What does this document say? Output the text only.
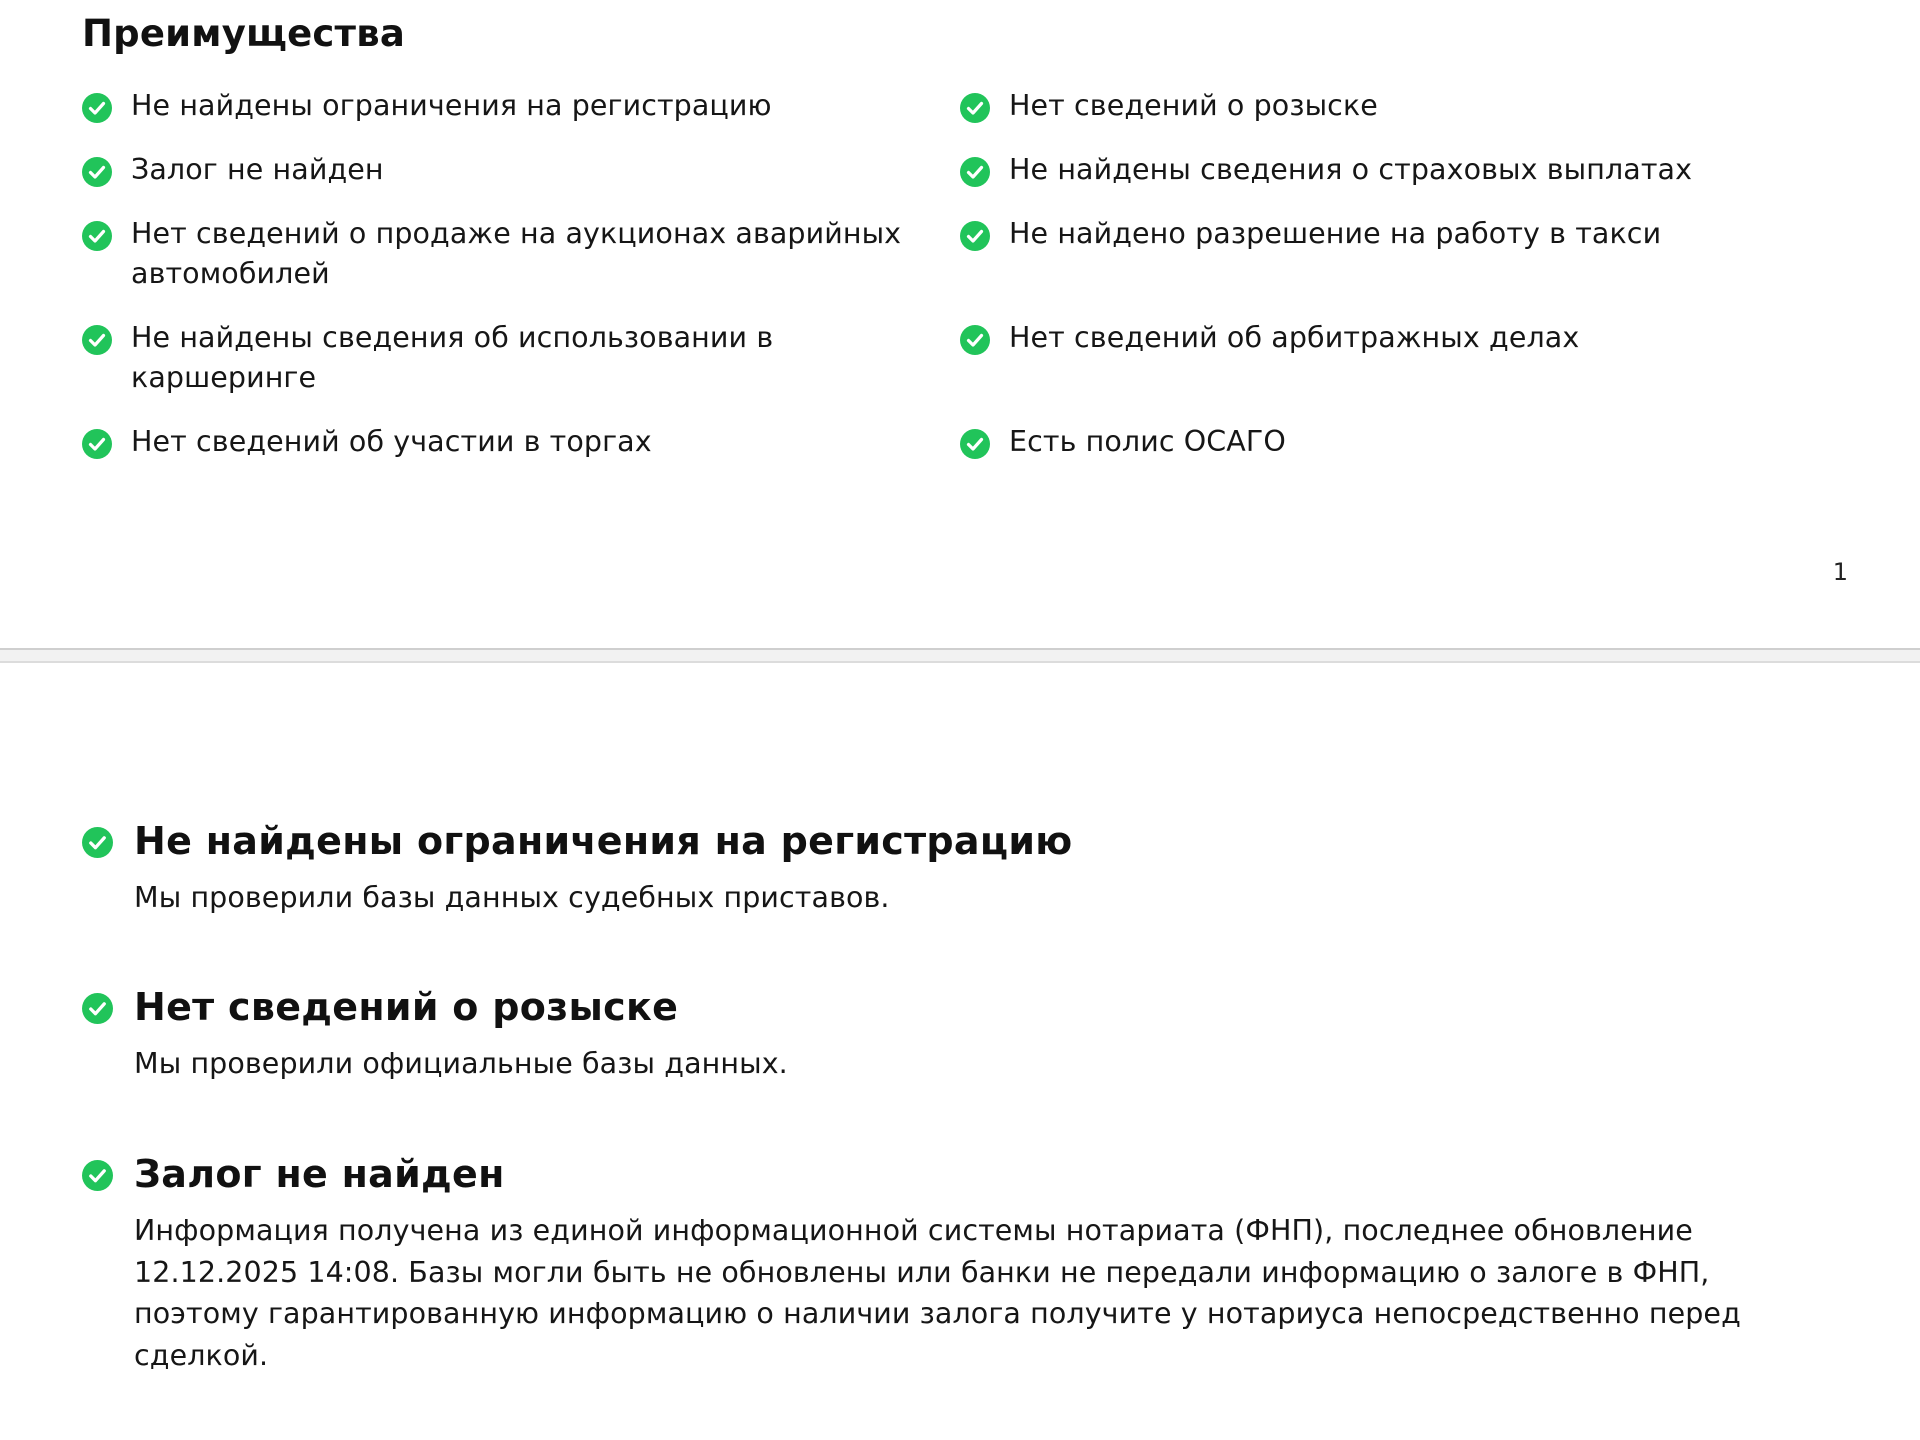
Преимущества
Не найдены ограничения на регистрацию
Залог не найден
Нет сведений о продаже на аукционах аварийных автомобилей
Не найдены сведения об использовании в каршеринге
Нет сведений об участии в торгах
Нет сведений о розыске
Не найдены сведения о страховых выплатах
Не найдено разрешение на работу в такси
Нет сведений об арбитражных делах
Есть полис ОСАГО
1
Не найдены ограничения на регистрацию

Мы проверили базы данных судебных приставов.

Нет сведений о розыске

Мы проверили официальные базы данных.

Залог не найден

Информация получена из единой информационной системы нотариата (ФНП), последнее обновление 12.12.2025 14:08. Базы могли быть не обновлены или банки не передали информацию о залоге в ФНП, поэтому гарантированную информацию о наличии залога получите у нотариуса непосредственно перед сделкой.
